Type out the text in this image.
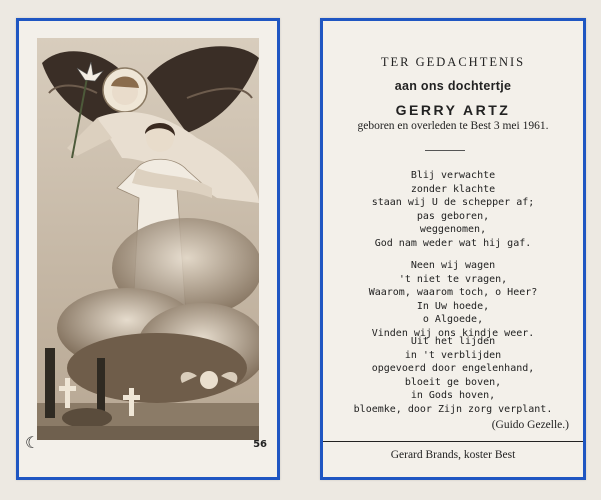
☾	56
TER GEDACHTENIS
aan ons dochtertje
GERRY ARTZ
geboren en overleden te Best 3 mei 1961.
Blij verwachte
zonder klachte
staan wij U de schepper af;
pas geboren,
weggenomen,
God nam weder wat hij gaf.
Neen wij wagen
't niet te vragen,
Waarom, waarom toch, o Heer?
In Uw hoede,
o Algoede,
Vinden wij ons kindje weer.
Uit het lijden
in 't verblijden
opgevoerd door engelenhand,
bloeit ge boven,
in Gods hoven,
bloemke, door Zijn zorg verplant.
(Guido Gezelle.)
Gerard Brands, koster Best
